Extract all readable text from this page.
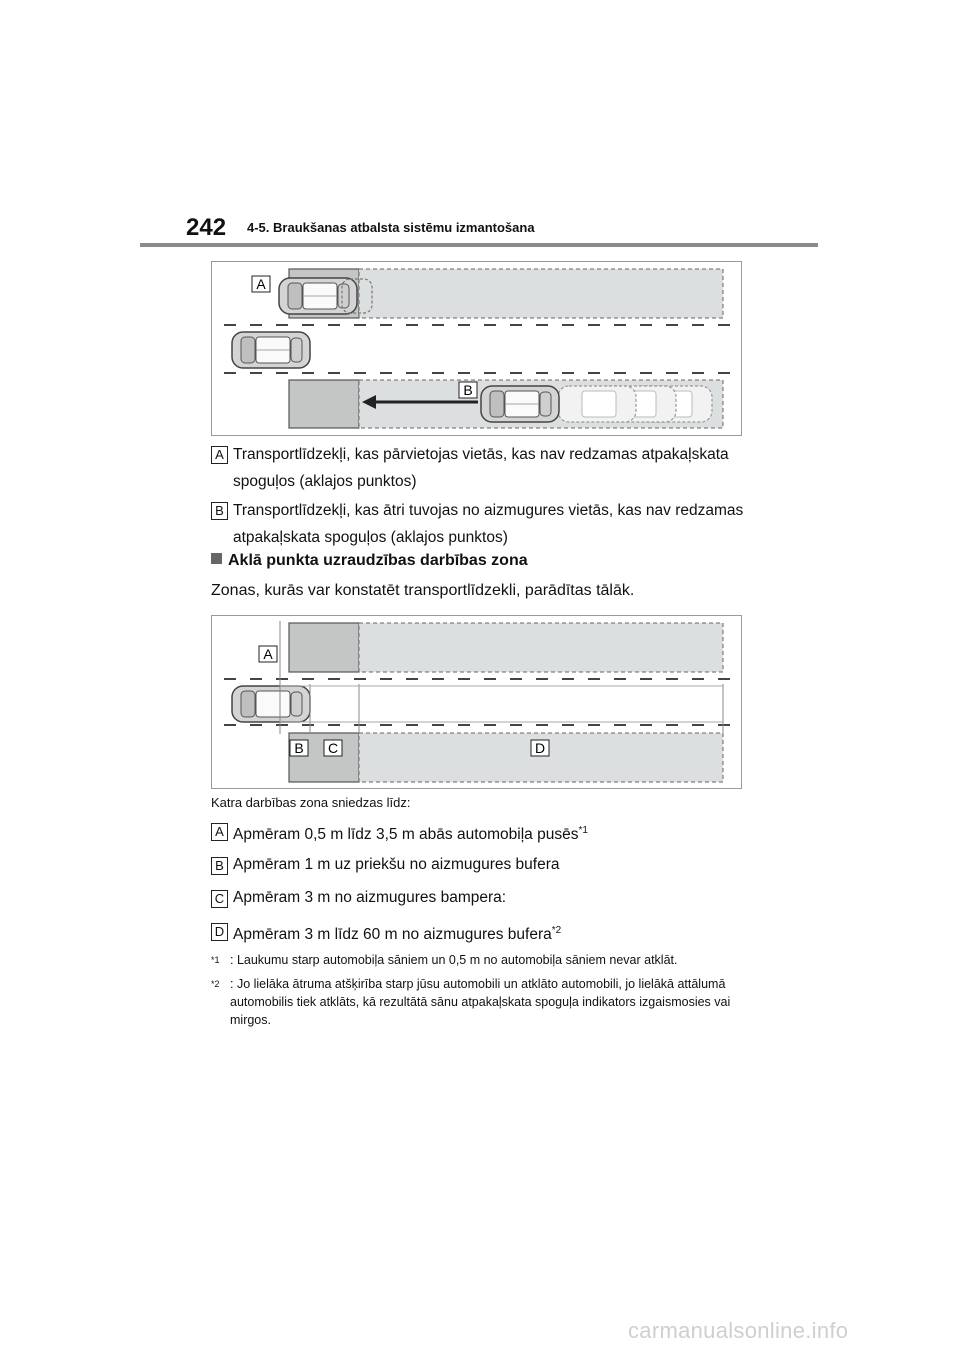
242 4-5. Braukšanas atbalsta sistēmu izmantošana
A
B
A Transportlīdzekļi, kas pārvietojas vietās, kas nav redzamas atpakaļskata spoguļos (aklajos punktos)
B Transportlīdzekļi, kas ātri tuvojas no aizmugures vietās, kas nav redzamas atpakaļskata spoguļos (aklajos punktos)
Aklā punkta uzraudzības darbības zona
Zonas, kurās var konstatēt transportlīdzekli, parādītas tālāk.
A
B C	D
Katra darbības zona sniedzas līdz:
A Apmēram 0,5 m līdz 3,5 m abās automobiļa pusēs$^{*1}$
B Apmēram 1 m uz priekšu no aizmugures bufera
C Apmēram 3 m no aizmugures bampera:
D Apmēram 3 m līdz 60 m no aizmugures bufera$^{*2}$
$^{*1}$ : Laukumu starp automobiļa sāniem un 0,5 m no automobiļa sāniem nevar atklāt.
$^{*2}$ : Jo lielāka ātruma atšķirība starp jūsu automobili un atklāto automobili, jo lielākā attālumā automobilis tiek atklāts, kā rezultātā sānu atpakaļskata spoguļa indikators izgaismosies vai mirgos.
carmanualsonline.info
